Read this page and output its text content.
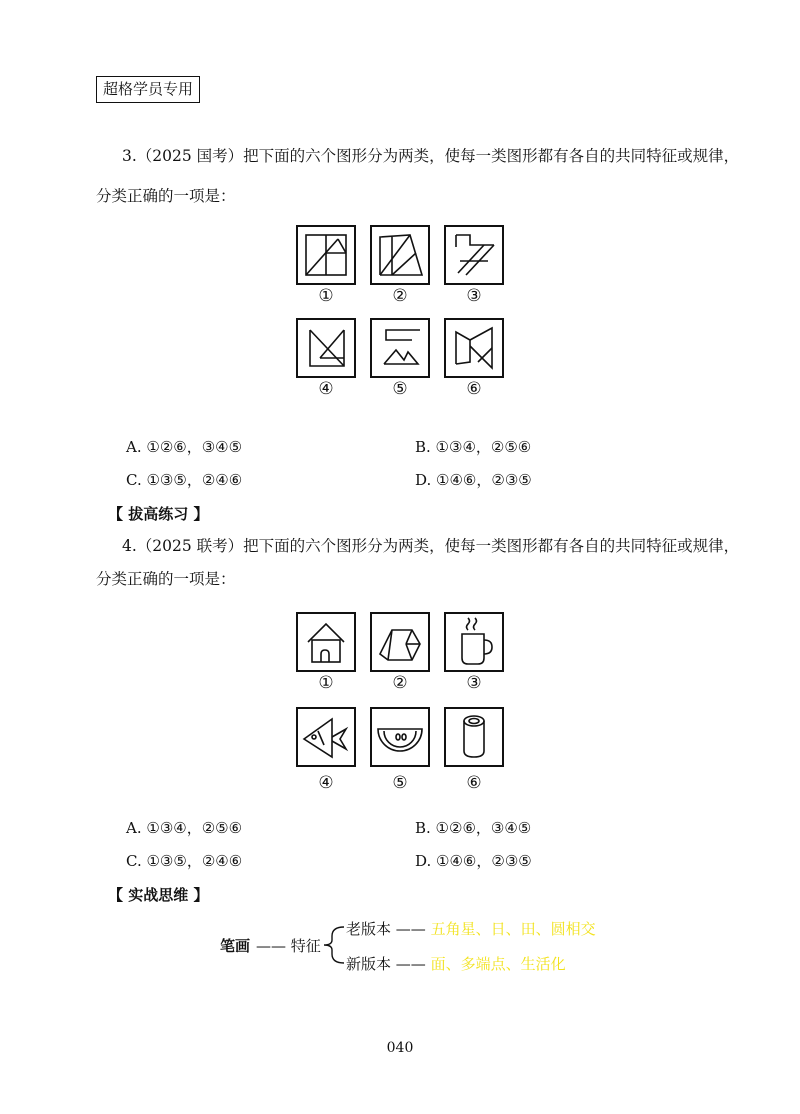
超格学员专用
3.（2025 国考）把下面的六个图形分为两类，使每一类图形都有各自的共同特征或规律，
分类正确的一项是：
①	②	③
④	⑤	⑥
A. ①②⑥，③④⑤	B. ①③④，②⑤⑥
C. ①③⑤，②④⑥	D. ①④⑥，②③⑤
【 拔高练习 】
4.（2025 联考）把下面的六个图形分为两类，使每一类图形都有各自的共同特征或规律，
分类正确的一项是：
①	②	③
④	⑤	⑥
A. ①③④，②⑤⑥	B. ①②⑥，③④⑤
C. ①③⑤，②④⑥	D. ①④⑥，②③⑤
【 实战思维 】
笔画 —— 特征
老版本 —— 五角星、日、田、圆相交
新版本 —— 面、多端点、生活化
040
